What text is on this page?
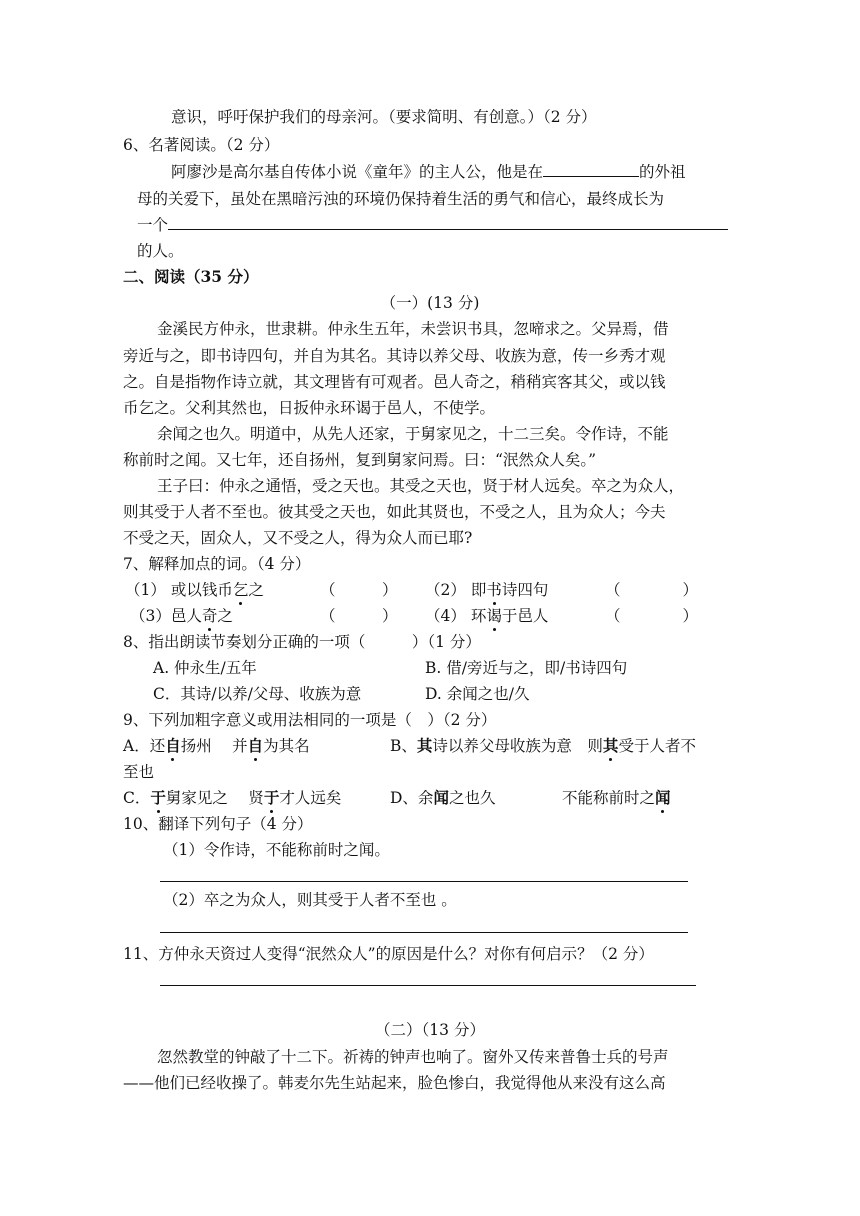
意识，呼吁保护我们的母亲河。（要求简明、有创意。）（2 分）
6、名著阅读。（2 分）
阿廖沙是高尔基自传体小说《童年》的主人公，他是在	的外祖
母的关爱下，虽处在黑暗污浊的环境仍保持着生活的勇气和信心，最终成长为
一个
的人。
二、阅读（35 分）
（一）(13 分)
金溪民方仲永，世隶耕。仲永生五年，未尝识书具，忽啼求之。父异焉，借
旁近与之，即书诗四句，并自为其名。其诗以养父母、收族为意，传一乡秀才观
之。自是指物作诗立就，其文理皆有可观者。邑人奇之，稍稍宾客其父，或以钱
币乞之。父利其然也，日扳仲永环谒于邑人，不使学。
余闻之也久。明道中，从先人还家，于舅家见之，十二三矣。令作诗，不能
称前时之闻。又七年，还自扬州，复到舅家问焉。曰：“泯然众人矣。”
王子曰：仲永之通悟，受之天也。其受之天也，贤于材人远矣。卒之为众人，
则其受于人者不至也。彼其受之天也，如此其贤也，不受之人，且为众人；今夫
不受之天，固众人，又不受之人，得为众人而已耶?
7、解释加点的词。（4 分）
（1） 或以钱币乞之	（　　　） （2） 即书诗四句	（　　　　）
（3）邑人奇之	（　　　） （4） 环谒于邑人	（　　　　）
8、指出朗读节奏划分正确的一项（　　　）（1 分）
A. 仲永生/五年	B. 借/旁近与之，即/书诗四句
C．其诗/以养/父母、收族为意	D. 余闻之也/久
9、下列加粗字意义或用法相同的一项是（　）（2 分）
A．还自扬州　 并自为其名	B、其诗以养父母收族为意　则其受于人者不
至也
C．于舅家见之　 贤于才人远矣	D、余闻之也久	不能称前时之闻
10、翻译下列句子（4 分）
（1）令作诗，不能称前时之闻。
（2）卒之为众人，则其受于人者不至也 。
11、方仲永天资过人变得“泯然众人”的原因是什么？对你有何启示？（2 分）
（二）（13 分）
忽然教堂的钟敲了十二下。祈祷的钟声也响了。窗外又传来普鲁士兵的号声
——他们已经收操了。韩麦尔先生站起来，脸色惨白，我觉得他从来没有这么高
